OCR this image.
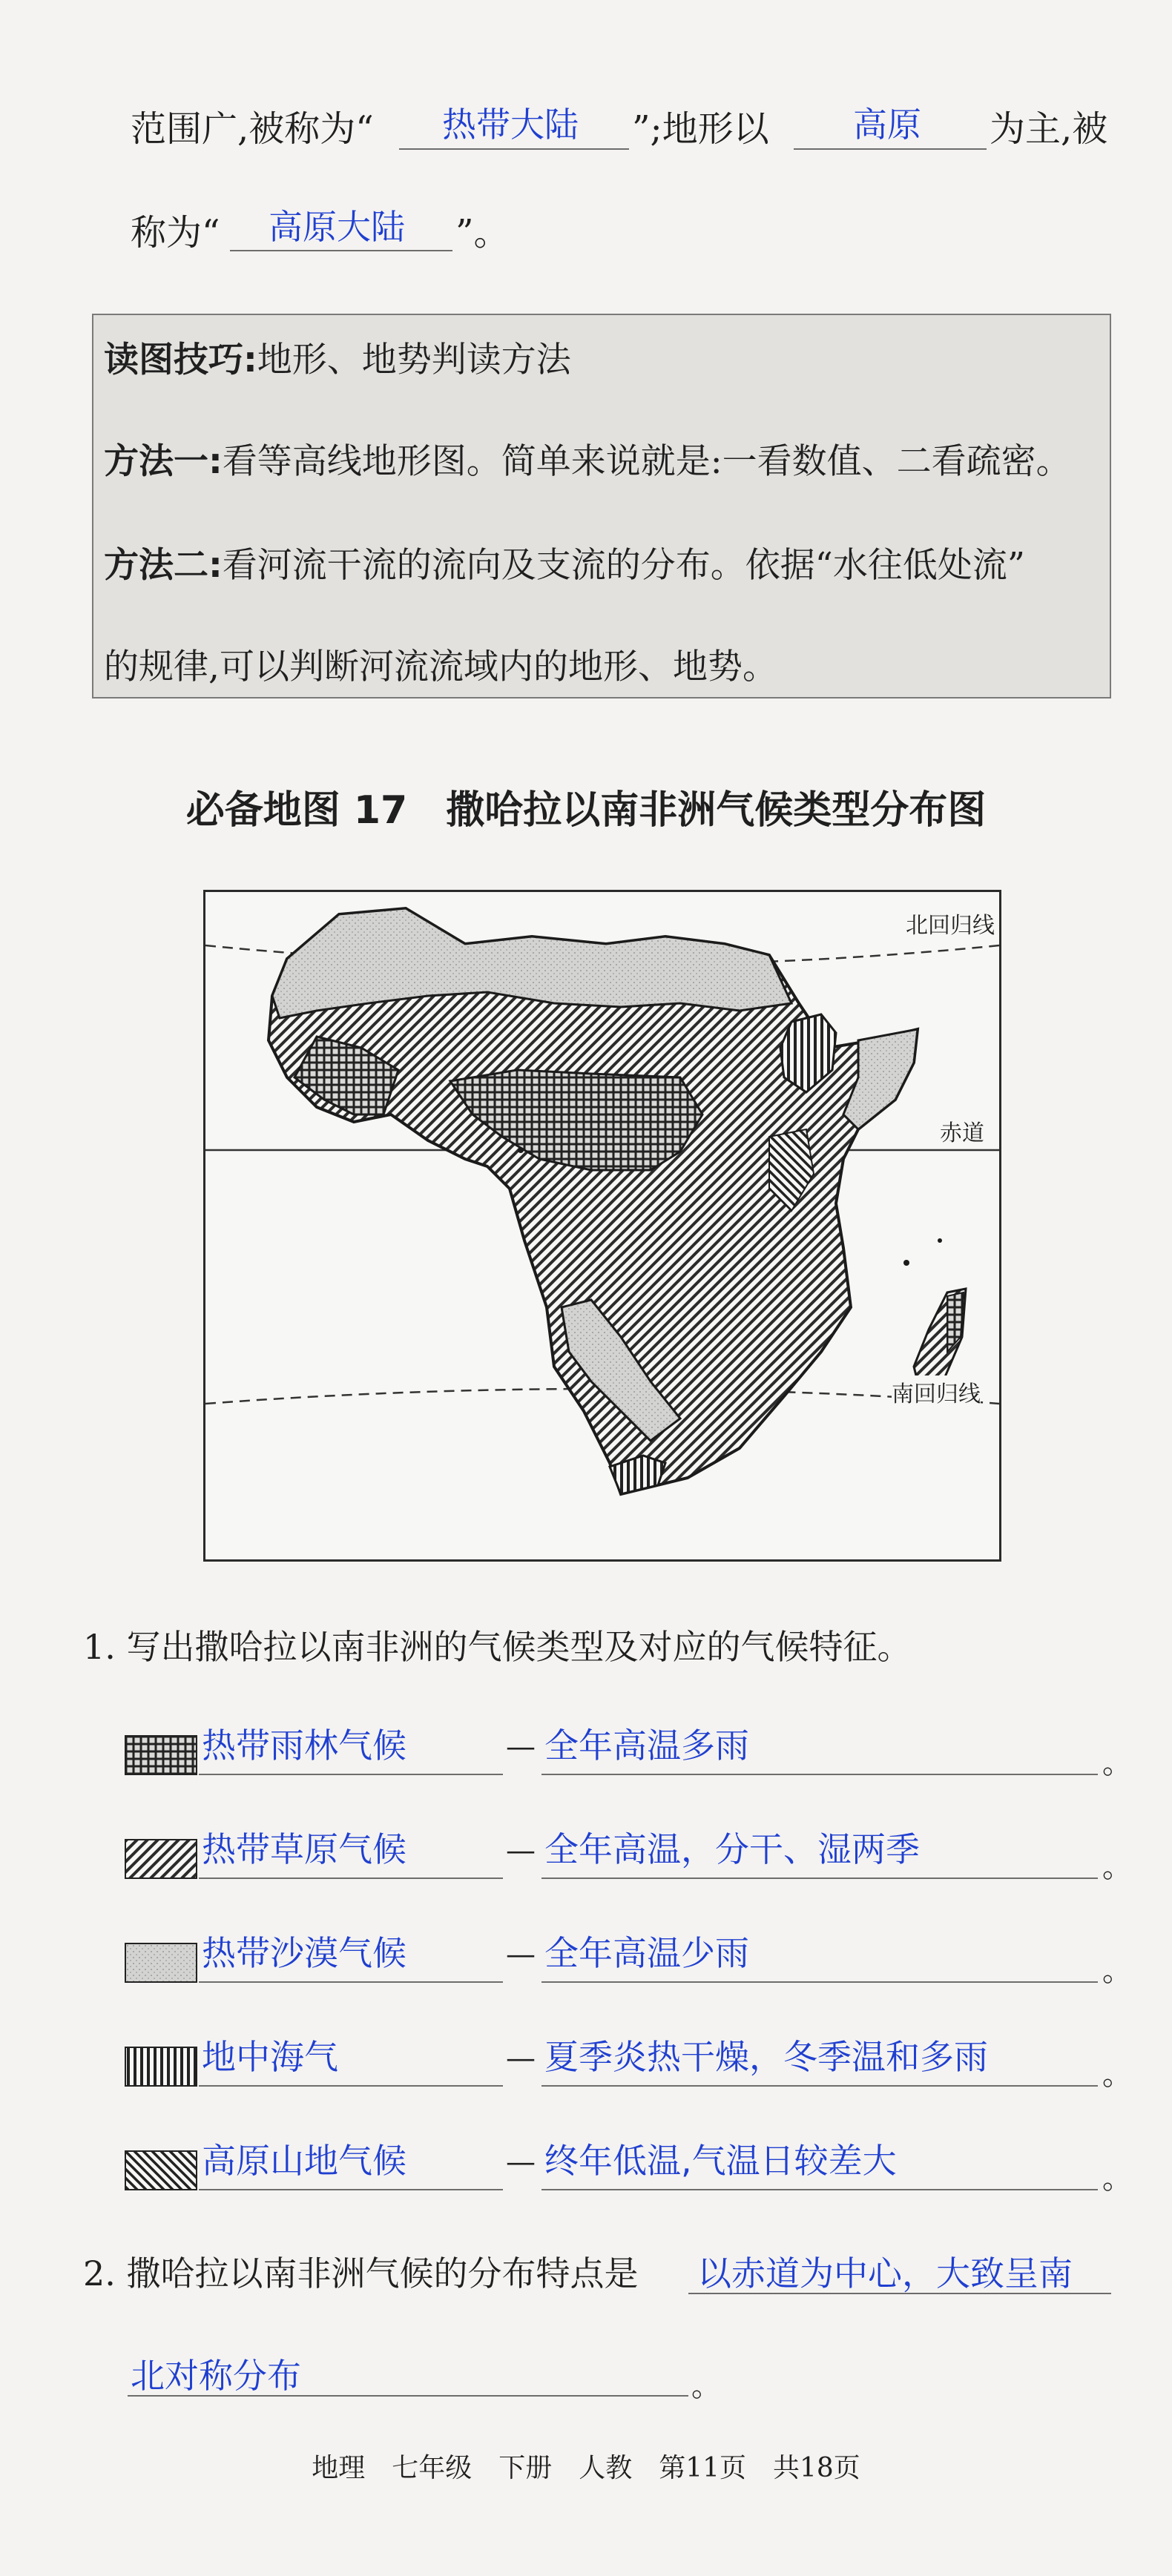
范围广,被称为“ 热带大陆 ”;地形以 高原 为主,被
称为“ 高原大陆 ”。
读图技巧:地形、地势判读方法
方法一:看等高线地形图。简单来说就是:一看数值、二看疏密。
方法二:看河流干流的流向及支流的分布。依据“水往低处流”
的规律,可以判断河流流域内的地形、地势。
必备地图 17　撒哈拉以南非洲气候类型分布图
北回归线
赤道
南回归线
1. 写出撒哈拉以南非洲的气候类型及对应的气候特征。
热带雨林气候	— 全年高温多雨	。
热带草原气候	— 全年高温，分干、湿两季	。
热带沙漠气候	— 全年高温少雨	。
地中海气	— 夏季炎热干燥，冬季温和多雨	。
高原山地气候	— 终年低温,气温日较差大	。
2. 撒哈拉以南非洲气候的分布特点是 以赤道为中心，大致呈南
北对称分布	。
地理　七年级　下册　人教　第11页　共18页
